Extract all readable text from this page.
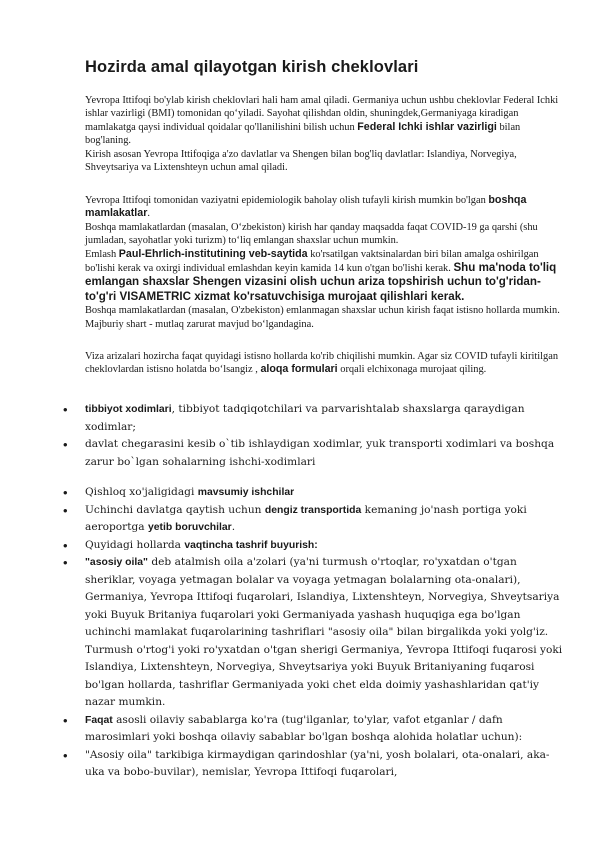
Hozirda amal qilayotgan kirish cheklovlari

Yevropa Ittifoqi bo'ylab kirish cheklovlari hali ham amal qiladi. Germaniya uchun ushbu cheklovlar Federal Ichki ishlar vazirligi (BMI) tomonidan qo‘yiladi. Sayohat qilishdan oldin, shuningdek,Germaniyaga kiradigan mamlakatga qaysi individual qoidalar qo'llanilishini bilish uchun Federal Ichki ishlar vazirligi bilan bog'laning.
Kirish asosan Yevropa Ittifoqiga a'zo davlatlar va Shengen bilan bog'liq davlatlar: Islandiya, Norvegiya, Shveytsariya va Lixtenshteyn uchun amal qiladi.

Yevropa Ittifoqi tomonidan vaziyatni epidemiologik baholay olish tufayli kirish mumkin bo'lgan boshqa mamlakatlar.
Boshqa mamlakatlardan (masalan, O‘zbekiston) kirish har qanday maqsadda faqat COVID-19 ga qarshi (shu jumladan, sayohatlar yoki turizm) to‘liq emlangan shaxslar uchun mumkin.
Emlash Paul-Ehrlich-institutining veb-saytida ko'rsatilgan vaktsinalardan biri bilan amalga oshirilgan bo'lishi kerak va oxirgi individual emlashdan keyin kamida 14 kun o'tgan bo'lishi kerak. Shu ma'noda to'liq emlangan shaxslar Shengen vizasini olish uchun ariza topshirish uchun to'g'ridan-to'g'ri VISAMETRIC xizmat ko'rsatuvchisiga murojaat qilishlari kerak.
Boshqa mamlakatlardan (masalan, O'zbekiston) emlanmagan shaxslar uchun kirish faqat istisno hollarda mumkin. Majburiy shart - mutlaq zarurat mavjud bo‘lgandagina.

Viza arizalari hozircha faqat quyidagi istisno hollarda ko'rib chiqilishi mumkin. Agar siz COVID tufayli kiritilgan cheklovlardan istisno holatda bo‘lsangiz , aloqa formulari orqali elchixonaga murojaat qiling.

• tibbiyot xodimlari, tibbiyot tadqiqotchilari va parvarishtalab shaxslarga qaraydigan xodimlar;
• davlat chegarasini kesib o`tib ishlaydigan xodimlar, yuk transporti xodimlari va boshqa zarur bo`lgan sohalarning ishchi-xodimlari
• Qishloq xo'jaligidagi mavsumiy ishchilar
• Uchinchi davlatga qaytish uchun dengiz transportida kemaning jo'nash portiga yoki aeroportga yetib boruvchilar.
• Quyidagi hollarda vaqtincha tashrif buyurish:
• "asosiy oila" deb atalmish oila a'zolari (ya'ni turmush o'rtoqlar, ro'yxatdan o'tgan sheriklar, voyaga yetmagan bolalar va voyaga yetmagan bolalarning ota-onalari), Germaniya, Yevropa Ittifoqi fuqarolari, Islandiya, Lixtenshteyn, Norvegiya, Shveytsariya yoki Buyuk Britaniya fuqarolari yoki Germaniyada yashash huquqiga ega bo'lgan uchinchi mamlakat fuqarolarining tashriflari "asosiy oila" bilan birgalikda yoki yolg'iz. Turmush o'rtog'i yoki ro'yxatdan o'tgan sherigi Germaniya, Yevropa Ittifoqi fuqarosi yoki Islandiya, Lixtenshteyn, Norvegiya, Shveytsariya yoki Buyuk Britaniyaning fuqarosi bo'lgan hollarda, tashriflar Germaniyada yoki chet elda doimiy yashashlaridan qat'iy nazar mumkin.
• Faqat asosli oilaviy sabablarga ko'ra (tug'ilganlar, to'ylar, vafot etganlar / dafn marosimlari yoki boshqa oilaviy sabablar bo'lgan boshqa alohida holatlar uchun):
• "Asosiy oila" tarkibiga kirmaydigan qarindoshlar (ya'ni, yosh bolalari, ota-onalari, aka-uka va bobo-buvilar), nemislar, Yevropa Ittifoqi fuqarolari,
